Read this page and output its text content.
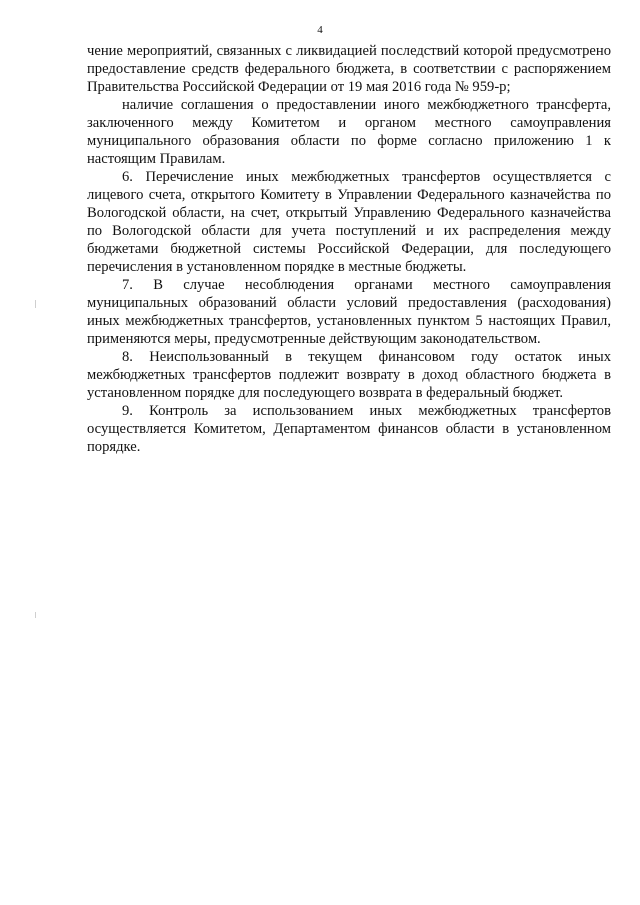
4

чение мероприятий, связанных с ликвидацией последствий которой предусмотрено предоставление средств федерального бюджета, в соответствии с распоряжением Правительства Российской Федерации от 19 мая 2016 года № 959-р;

наличие соглашения о предоставлении иного межбюджетного трансферта, заключенного между Комитетом и органом местного самоуправления муниципального образования области по форме согласно приложению 1 к настоящим Правилам.

6. Перечисление иных межбюджетных трансфертов осуществляется с лицевого счета, открытого Комитету в Управлении Федерального казначейства по Вологодской области, на счет, открытый Управлению Федерального казначейства по Вологодской области для учета поступлений и их распределения между бюджетами бюджетной системы Российской Федерации, для последующего перечисления в установленном порядке в местные бюджеты.

7. В случае несоблюдения органами местного самоуправления муниципальных образований области условий предоставления (расходования) иных межбюджетных трансфертов, установленных пунктом 5 настоящих Правил, применяются меры, предусмотренные действующим законодательством.

8. Неиспользованный в текущем финансовом году остаток иных межбюджетных трансфертов подлежит возврату в доход областного бюджета в установленном порядке для последующего возврата в федеральный бюджет.

9. Контроль за использованием иных межбюджетных трансфертов осуществляется Комитетом, Департаментом финансов области в установленном порядке.
